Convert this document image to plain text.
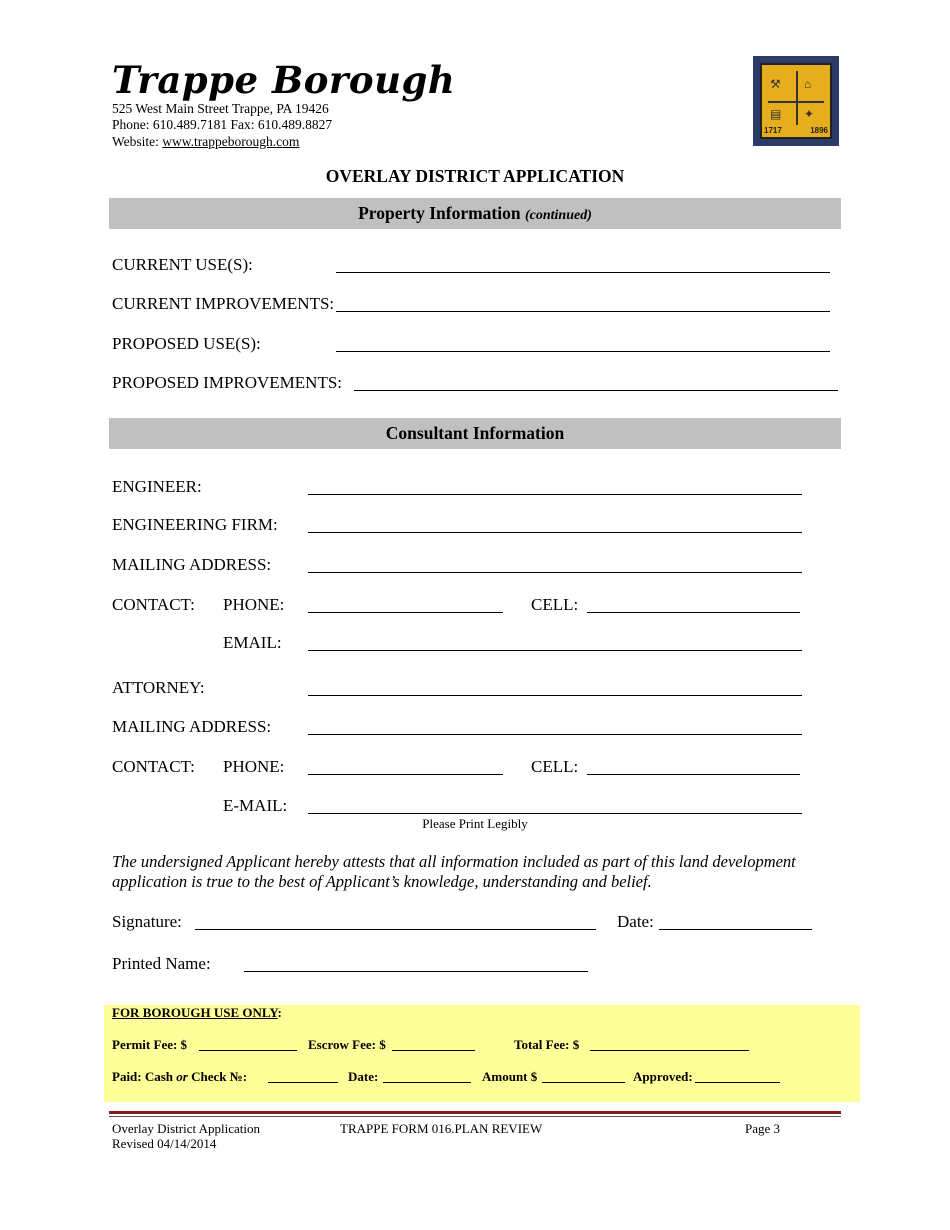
Trappe Borough
525 West Main Street Trappe, PA 19426
Phone: 610.489.7181 Fax: 610.489.8827
Website: www.trappeborough.com
⚒ ⌂
▤ ✦
1717	1896
OVERLAY DISTRICT APPLICATION
Property Information (continued)
CURRENT USE(S):
CURRENT IMPROVEMENTS:
PROPOSED USE(S):
PROPOSED IMPROVEMENTS:
Consultant Information
ENGINEER:
ENGINEERING FIRM:
MAILING ADDRESS:
CONTACT: PHONE:	CELL:
EMAIL:
ATTORNEY:
MAILING ADDRESS:
CONTACT: PHONE:	CELL:
E-MAIL:
Please Print Legibly
The undersigned Applicant hereby attests that all information included as part of this land development application is true to the best of Applicant’s knowledge, understanding and belief.
Signature:	Date:
Printed Name:
FOR BOROUGH USE ONLY:
Permit Fee: $	Escrow Fee: $	Total Fee: $
Paid: Cash or Check №:	Date:	Amount $	Approved:
Overlay District Application
Revised 04/14/2014
TRAPPE FORM 016.PLAN REVIEW	Page 3
